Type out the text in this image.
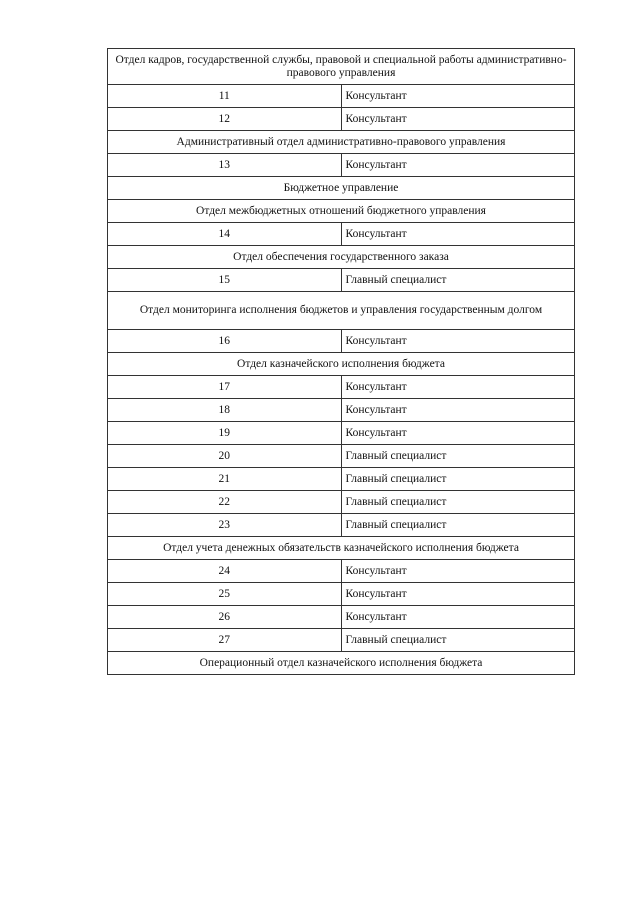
Отдел кадров, государственной службы, правовой и специальной работы административно-правового управления	
11	Консультант
12	Консультант
Административный отдел административно-правового управления	
13	Консультант
Бюджетное управление	
Отдел межбюджетных отношений бюджетного управления	
14	Консультант
Отдел обеспечения государственного заказа	
15	Главный специалист
Отдел мониторинга исполнения бюджетов и управления государственным долгом	
16	Консультант
Отдел казначейского исполнения бюджета	
17	Консультант
18	Консультант
19	Консультант
20	Главный специалист
21	Главный специалист
22	Главный специалист
23	Главный специалист
Отдел учета денежных обязательств казначейского исполнения бюджета	
24	Консультант
25	Консультант
26	Консультант
27	Главный специалист
Операционный отдел казначейского исполнения бюджета	
